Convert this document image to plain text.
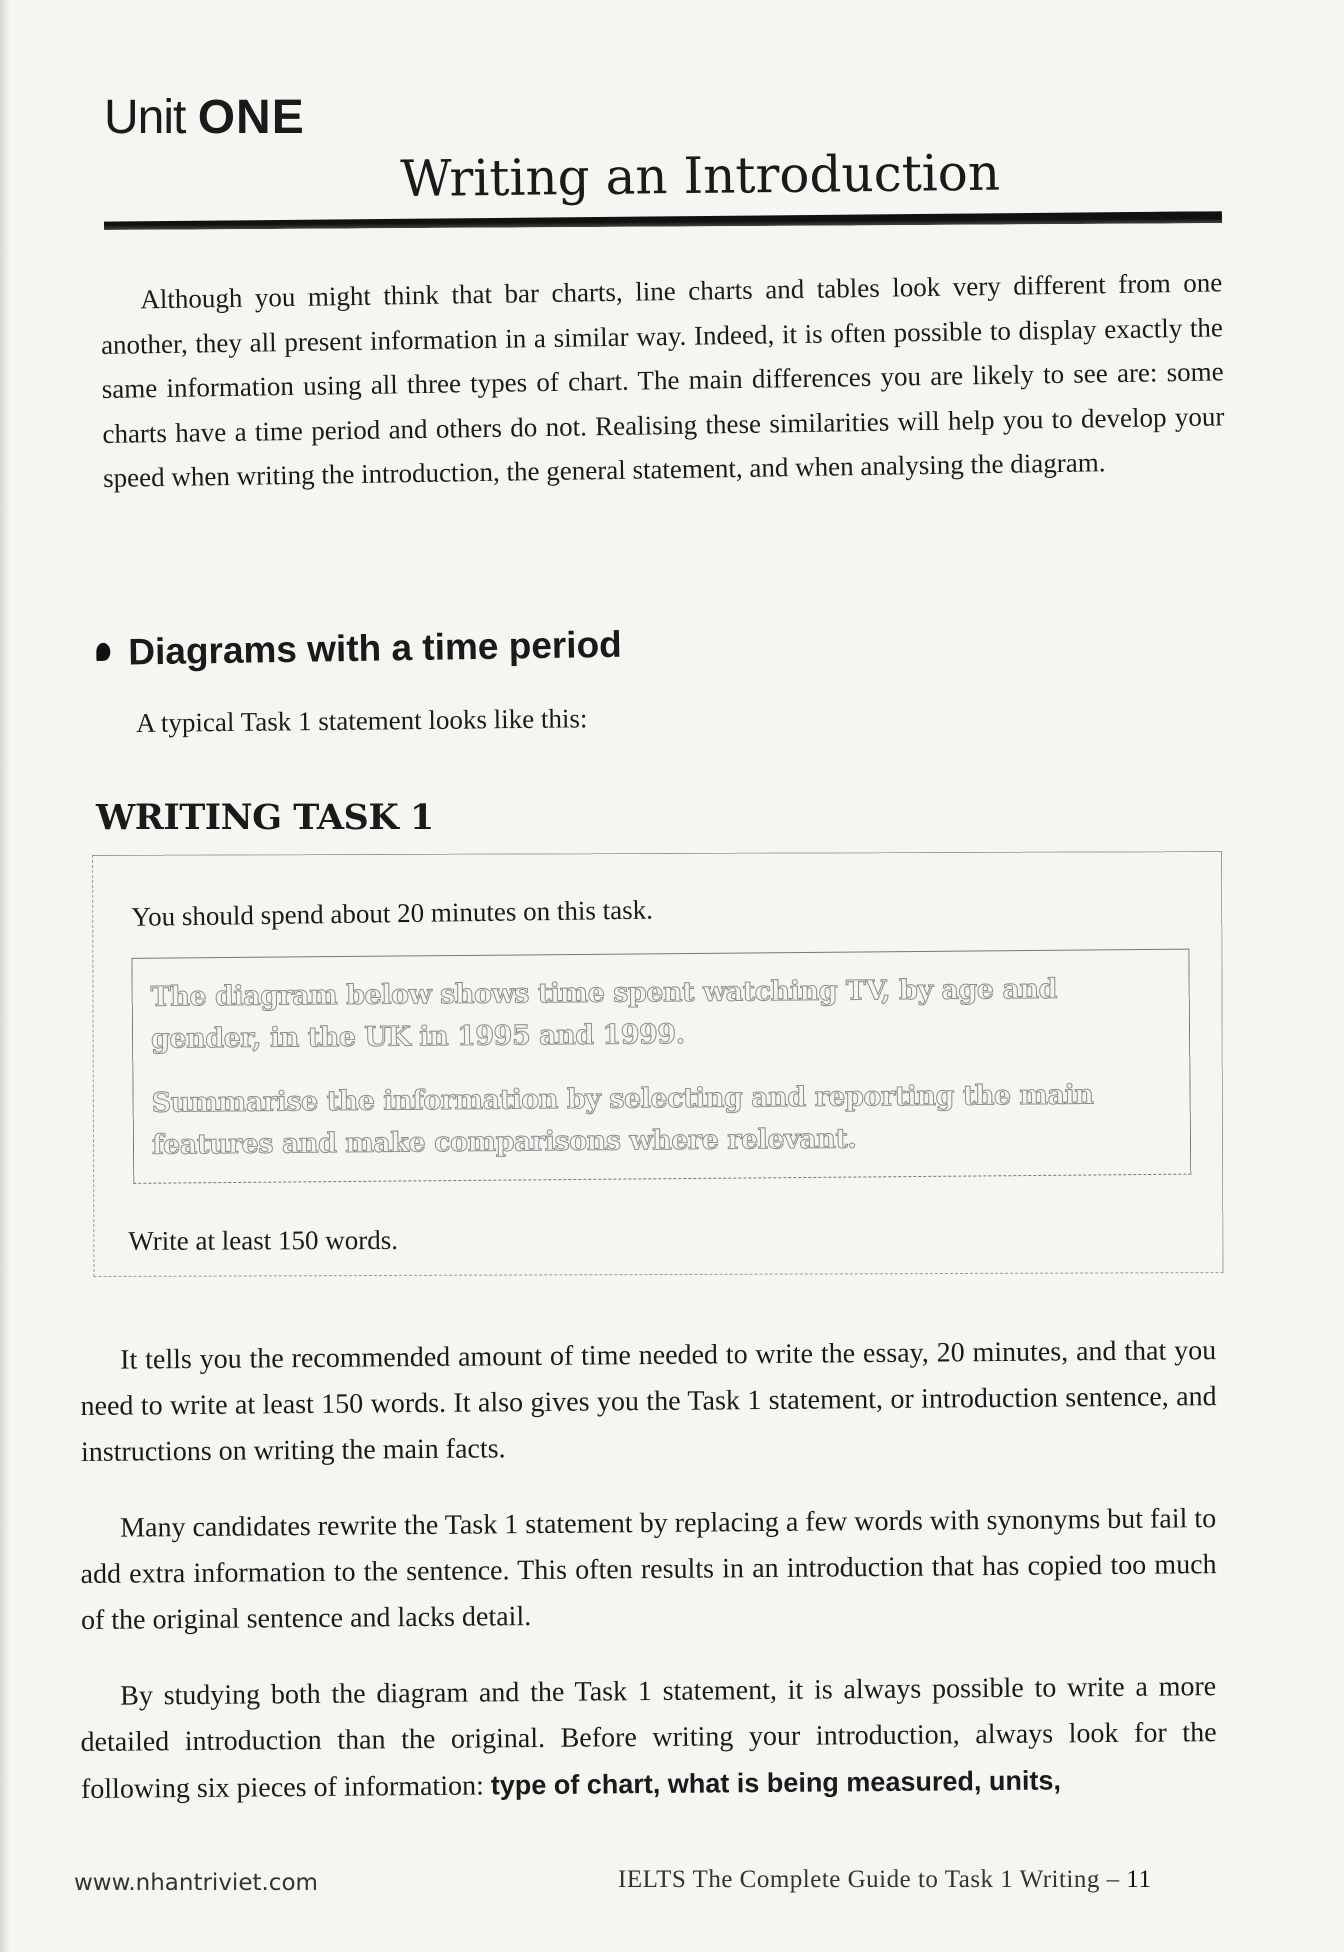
Unit ONE
Writing an Introduction

Although you might think that bar charts, line charts and tables look very different from one another, they all present information in a similar way. Indeed, it is often possible to display exactly the same information using all three types of chart. The main differences you are likely to see are: some charts have a time period and others do not. Realising these similarities will help you to develop your speed when writing the introduction, the general statement, and when analysing the diagram.

Diagrams with a time period
A typical Task 1 statement looks like this:
WRITING TASK 1
You should spend about 20 minutes on this task.

The diagram below shows time spent watching TV, by age and gender, in the UK in 1995 and 1999.

Summarise the information by selecting and reporting the main features and make comparisons where relevant.

Write at least 150 words.

It tells you the recommended amount of time needed to write the essay, 20 minutes, and that you need to write at least 150 words. It also gives you the Task 1 statement, or introduction sentence, and instructions on writing the main facts.

Many candidates rewrite the Task 1 statement by replacing a few words with synonyms but fail to add extra information to the sentence. This often results in an introduction that has copied too much of the original sentence and lacks detail.

By studying both the diagram and the Task 1 statement, it is always possible to write a more detailed introduction than the original. Before writing your introduction, always look for the following six pieces of information: type of chart, what is being measured, units,

www.nhantriviet.com	IELTS The Complete Guide to Task 1 Writing – 11
